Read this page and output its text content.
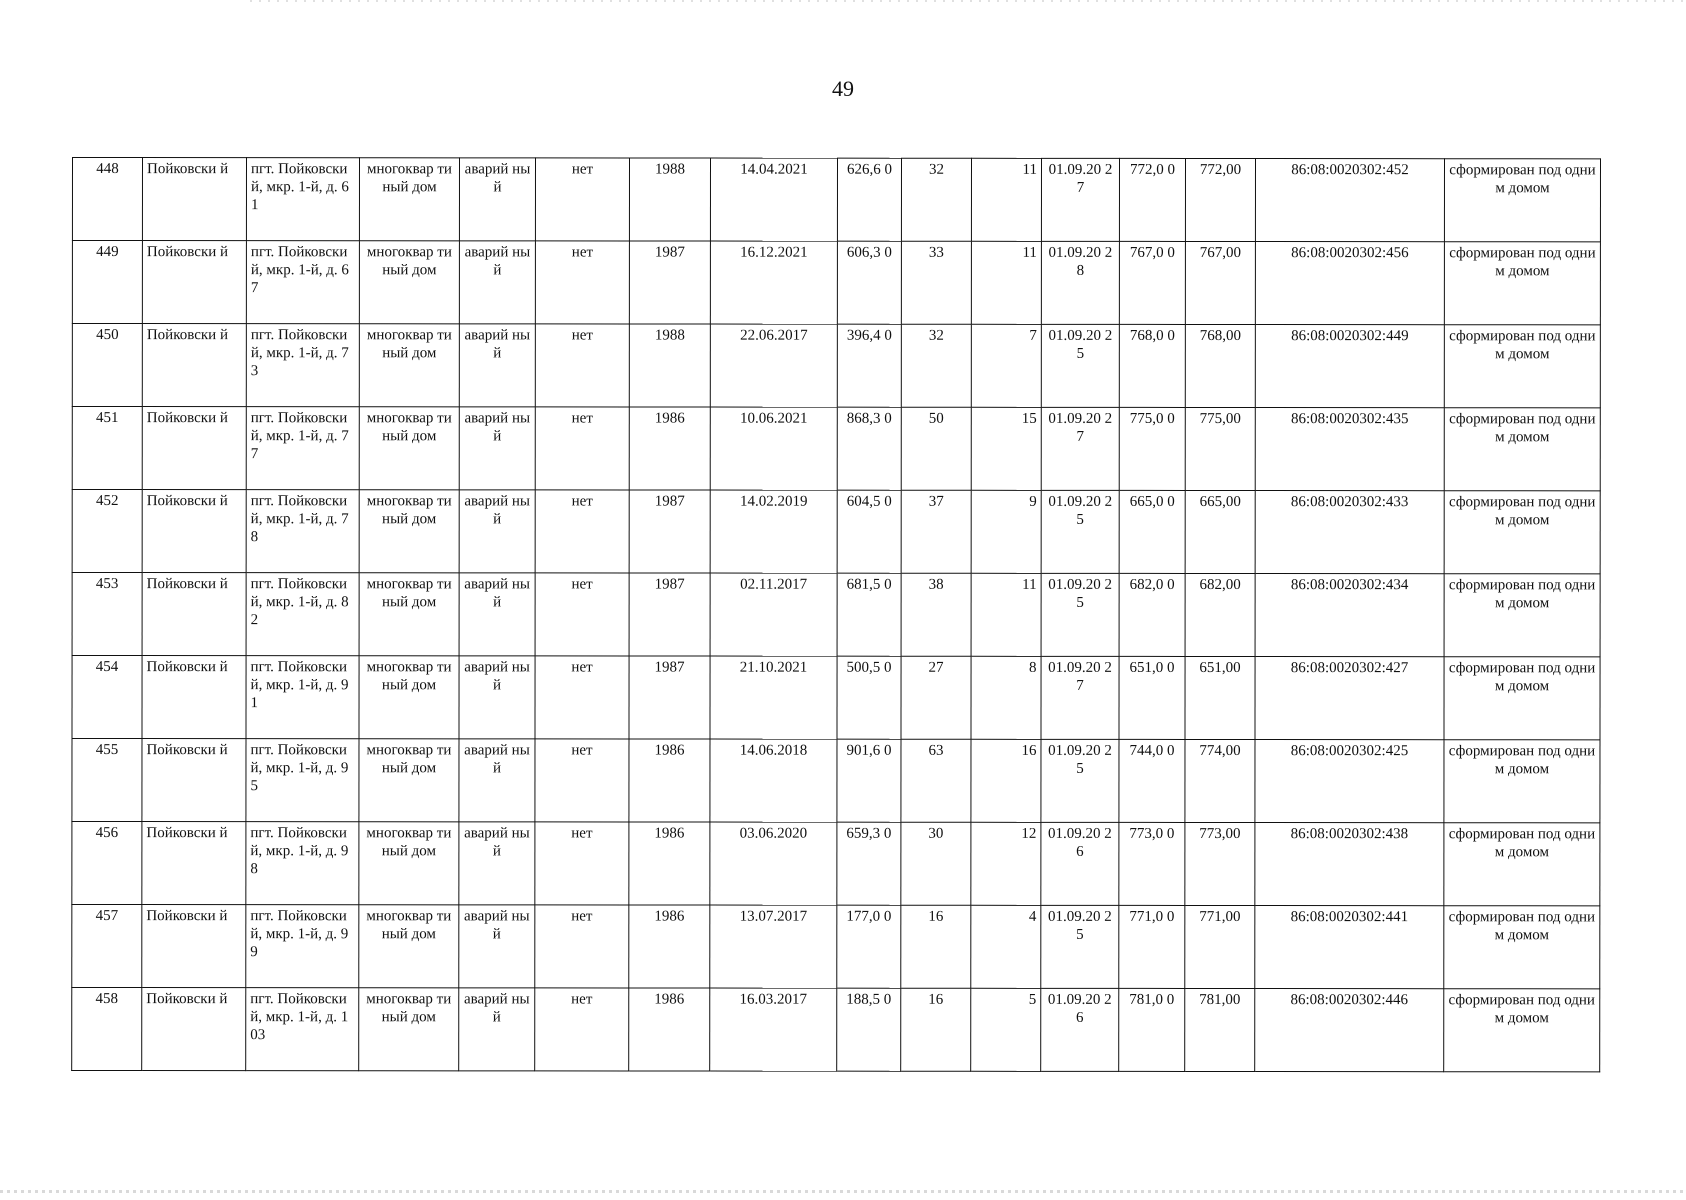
49
448	Пойковски й	пгт. Пойковский, мкр. 1-й, д. 61	многоквар тиный дом	аварий ный	нет	1988	14.04.2021	626,6 0	32	11	01.09.20 27	772,0 0	772,00	86:08:0020302:452	сформирован под одним домом
449	Пойковски й	пгт. Пойковский, мкр. 1-й, д. 67	многоквар тиный дом	аварий ный	нет	1987	16.12.2021	606,3 0	33	11	01.09.20 28	767,0 0	767,00	86:08:0020302:456	сформирован под одним домом
450	Пойковски й	пгт. Пойковский, мкр. 1-й, д. 73	многоквар тиный дом	аварий ный	нет	1988	22.06.2017	396,4 0	32	7	01.09.20 25	768,0 0	768,00	86:08:0020302:449	сформирован под одним домом
451	Пойковски й	пгт. Пойковский, мкр. 1-й, д. 77	многоквар тиный дом	аварий ный	нет	1986	10.06.2021	868,3 0	50	15	01.09.20 27	775,0 0	775,00	86:08:0020302:435	сформирован под одним домом
452	Пойковски й	пгт. Пойковский, мкр. 1-й, д. 78	многоквар тиный дом	аварий ный	нет	1987	14.02.2019	604,5 0	37	9	01.09.20 25	665,0 0	665,00	86:08:0020302:433	сформирован под одним домом
453	Пойковски й	пгт. Пойковский, мкр. 1-й, д. 82	многоквар тиный дом	аварий ный	нет	1987	02.11.2017	681,5 0	38	11	01.09.20 25	682,0 0	682,00	86:08:0020302:434	сформирован под одним домом
454	Пойковски й	пгт. Пойковский, мкр. 1-й, д. 91	многоквар тиный дом	аварий ный	нет	1987	21.10.2021	500,5 0	27	8	01.09.20 27	651,0 0	651,00	86:08:0020302:427	сформирован под одним домом
455	Пойковски й	пгт. Пойковский, мкр. 1-й, д. 95	многоквар тиный дом	аварий ный	нет	1986	14.06.2018	901,6 0	63	16	01.09.20 25	744,0 0	774,00	86:08:0020302:425	сформирован под одним домом
456	Пойковски й	пгт. Пойковский, мкр. 1-й, д. 98	многоквар тиный дом	аварий ный	нет	1986	03.06.2020	659,3 0	30	12	01.09.20 26	773,0 0	773,00	86:08:0020302:438	сформирован под одним домом
457	Пойковски й	пгт. Пойковский, мкр. 1-й, д. 99	многоквар тиный дом	аварий ный	нет	1986	13.07.2017	177,0 0	16	4	01.09.20 25	771,0 0	771,00	86:08:0020302:441	сформирован под одним домом
458	Пойковски й	пгт. Пойковский, мкр. 1-й, д. 103	многоквар тиный дом	аварий ный	нет	1986	16.03.2017	188,5 0	16	5	01.09.20 26	781,0 0	781,00	86:08:0020302:446	сформирован под одним домом
